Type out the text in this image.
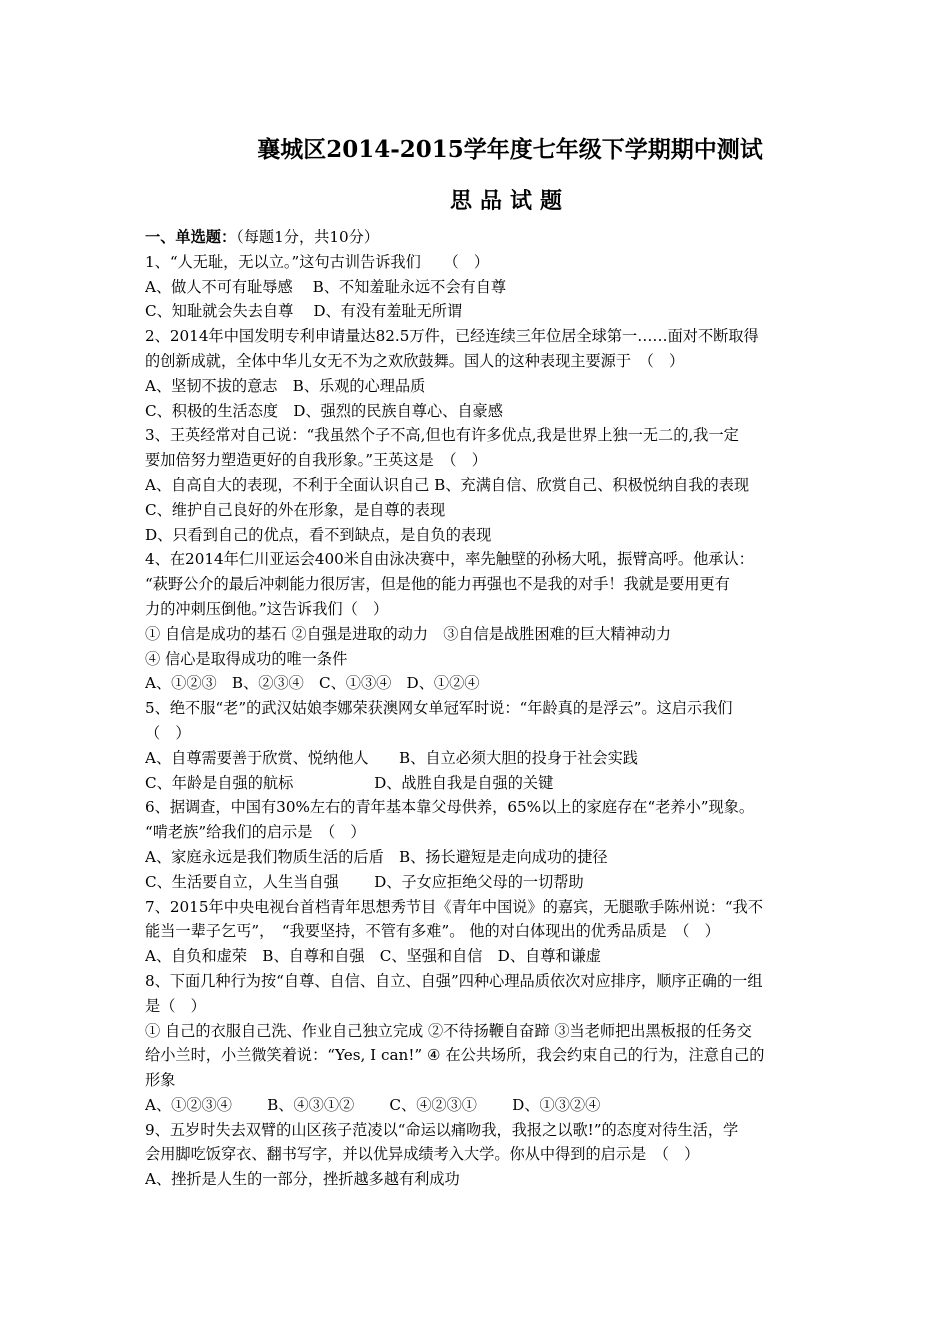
襄城区2014-2015学年度七年级下学期期中测试
思品试题
一、单选题：（每题1分，共10分）
1、“人无耻，无以立。”这句古训告诉我们　　（　）
A、做人不可有耻辱感　 B、不知羞耻永远不会有自尊
C、知耻就会失去自尊　 D、有没有羞耻无所谓
2、2014年中国发明专利申请量达82.5万件，已经连续三年位居全球第一……面对不断取得
的创新成就，全体中华儿女无不为之欢欣鼓舞。国人的这种表现主要源于　（　）
A、坚韧不拔的意志　B、乐观的心理品质
C、积极的生活态度　D、强烈的民族自尊心、自豪感
3、王英经常对自己说：“我虽然个子不高,但也有许多优点,我是世界上独一无二的,我一定
要加倍努力塑造更好的自我形象。”王英这是　（　）
A、自高自大的表现，不利于全面认识自己 B、充满自信、欣赏自己、积极悦纳自我的表现
C、维护自己良好的外在形象，是自尊的表现
D、只看到自己的优点，看不到缺点，是自负的表现
4、在2014年仁川亚运会400米自由泳决赛中，率先触壁的孙杨大吼，振臂高呼。他承认：
“萩野公介的最后冲刺能力很厉害，但是他的能力再强也不是我的对手！我就是要用更有
力的冲刺压倒他。”这告诉我们（　）
① 自信是成功的基石 ②自强是进取的动力　③自信是战胜困难的巨大精神动力
④ 信心是取得成功的唯一条件
A、①②③　B、②③④　C、①③④　D、①②④
5、绝不服“老”的武汉姑娘李娜荣获澳网女单冠军时说：“年龄真的是浮云”。这启示我们
（　）
A、自尊需要善于欣赏、悦纳他人　　B、自立必须大胆的投身于社会实践
C、年龄是自强的航标　　　　　 D、战胜自我是自强的关键
6、据调查，中国有30%左右的青年基本靠父母供养，65%以上的家庭存在“老养小”现象。
“啃老族”给我们的启示是　（　）
A、家庭永远是我们物质生活的后盾　B、扬长避短是走向成功的捷径
C、生活要自立，人生当自强　　 D、子女应拒绝父母的一切帮助
7、2015年中央电视台首档青年思想秀节目《青年中国说》的嘉宾，无腿歌手陈州说：“我不
能当一辈子乞丐”，　“我要坚持，不管有多难”。 他的对白体现出的优秀品质是　（　）
A、自负和虚荣　B、自尊和自强　C、坚强和自信　D、自尊和谦虚
8、下面几种行为按“自尊、自信、自立、自强”四种心理品质依次对应排序，顺序正确的一组
是（　）
① 自己的衣服自己洗、作业自己独立完成 ②不待扬鞭自奋蹄 ③当老师把出黑板报的任务交
给小兰时，小兰微笑着说：“Yes, I can!” ④ 在公共场所，我会约束自己的行为，注意自己的
形象
A、①②③④　　 B、④③①②　　 C、④②③①　　 D、①③②④
9、五岁时失去双臂的山区孩子范凌以“命运以痛吻我，我报之以歌!”的态度对待生活，学
会用脚吃饭穿衣、翻书写字，并以优异成绩考入大学。你从中得到的启示是　（　）
A、挫折是人生的一部分，挫折越多越有利成功
